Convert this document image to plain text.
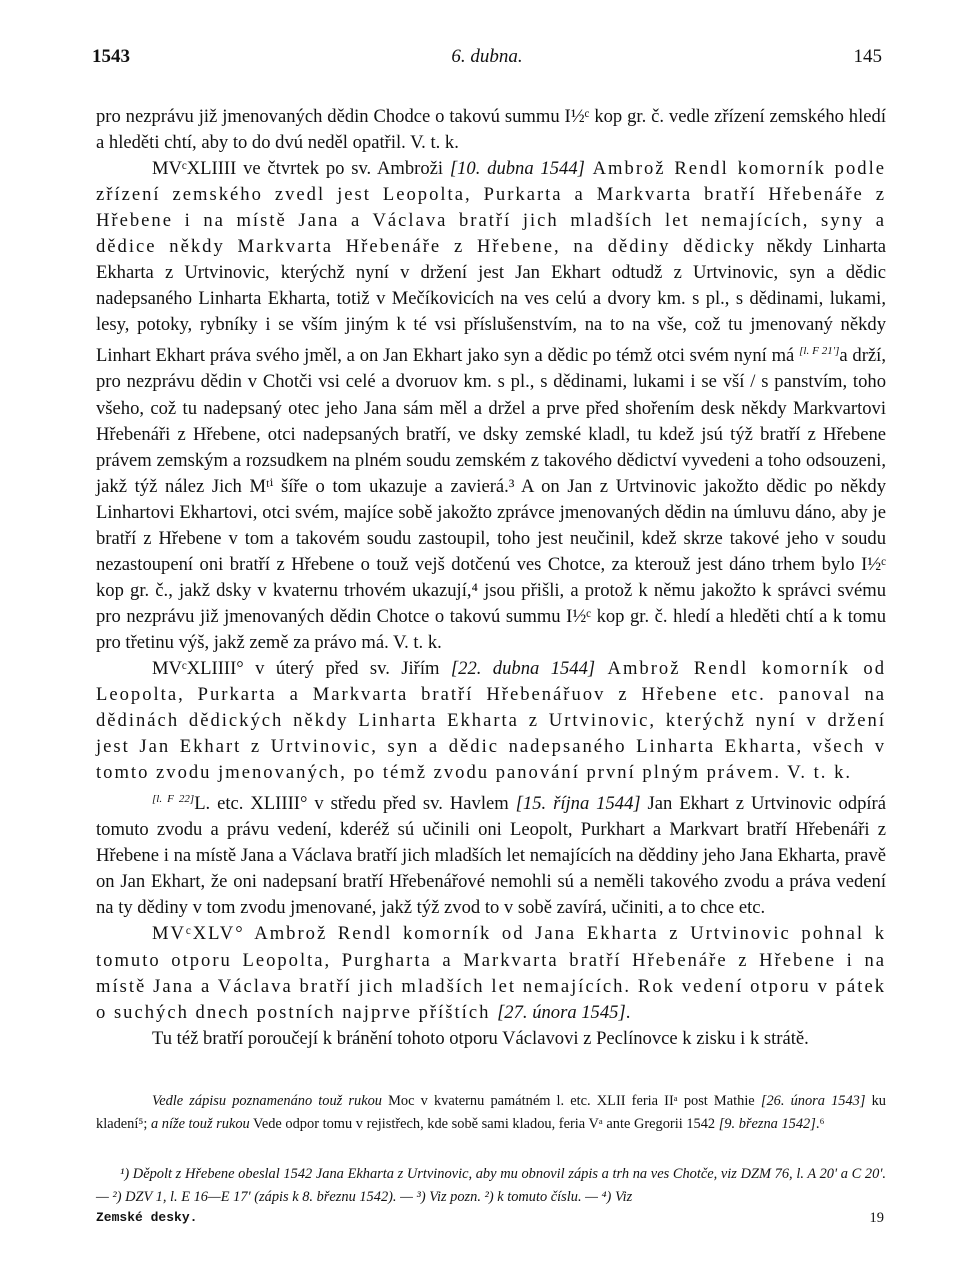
1543	6. dubna.	145

pro nezprávu již jmenovaných dědin Chodce o takovú summu I½ᶜ kop gr. č. vedle zřízení zemského hledí a hleděti chtí, aby to do dvú neděl opatřil. V. t. k.

MVᶜXLIIII ve čtvrtek po sv. Ambroži [10. dubna 1544] Ambrož Rendl komorník podle zřízení zemského zvedl jest Leopolta, Purkarta a Markvarta bratří Hřebenáře z Hřebene i na místě Jana a Václava bratří jich mladších let nemajících, syny a dědice někdy Markvarta Hřebenáře z Hřebene, na dědiny dědicky někdy Linharta Ekharta z Urtvinovic, kterýchž nyní v držení jest Jan Ekhart odtudž z Urtvinovic, syn a dědic nadepsaného Linharta Ekharta, totiž v Mečíkovicích na ves celú a dvory km. s pl., s dědinami, lukami, lesy, potoky, rybníky i se vším jiným k té vsi příslušenstvím, na to na vše, což tu jmenovaný někdy Linhart Ekhart práva svého jměl, a on Jan Ekhart jako syn a dědic po témž otci svém nyní má [l. F 21']a drží, pro nezprávu dědin v Chotči vsi celé a dvoruov km. s pl., s dědinami, lukami i se vší / s panstvím, toho všeho, což tu nadepsaný otec jeho Jana sám měl a držel a prve před shořením desk někdy Markvartovi Hřebenáři z Hřebene, otci nadepsaných bratří, ve dsky zemské kladl, tu kdež jsú týž bratří z Hřebene právem zemským a rozsudkem na plném soudu zemském z takového dědictví vyvedeni a toho odsouzeni, jakž týž nález Jich Mᵗⁱ šíře o tom ukazuje a zavierá.³ A on Jan z Urtvinovic jakožto dědic po někdy Linhartovi Ekhartovi, otci svém, majíce sobě jakožto zprávce jmenovaných dědin na úmluvu dáno, aby je bratří z Hřebene v tom a takovém soudu zastoupil, toho jest neučinil, kdež skrze takové jeho v soudu nezastoupení oni bratří z Hřebene o touž vejš dotčenú ves Chotce, za kterouž jest dáno trhem bylo I½ᶜ kop gr. č., jakž dsky v kvaternu trhovém ukazují,⁴ jsou přišli, a protož k němu jakožto k správci svému pro nezprávu již jmenovaných dědin Chotce o takovú summu I½ᶜ kop gr. č. hledí a hleděti chtí a k tomu pro třetinu výš, jakž země za právo má. V. t. k.

MVᶜXLIIII° v úterý před sv. Jiřím [22. dubna 1544] Ambrož Rendl komorník od Leopolta, Purkarta a Markvarta bratří Hřebenářuov z Hřebene etc. panoval na dědinách dědických někdy Linharta Ekharta z Urtvinovic, kterýchž nyní v držení jest Jan Ekhart z Urtvinovic, syn a dědic nadepsaného Linharta Ekharta, všech v tomto zvodu jmenovaných, po témž zvodu panování první plným právem. V. t. k.

[l. F 22]L. etc. XLIIII° v středu před sv. Havlem [15. října 1544] Jan Ekhart z Urtvinovic odpírá tomuto zvodu a právu vedení, kderéž sú učinili oni Leopolt, Purkhart a Markvart bratří Hřebenáři z Hřebene i na místě Jana a Václava bratří jich mladších let nemajících na děddiny jeho Jana Ekharta, pravě on Jan Ekhart, že oni nadepsaní bratří Hřebenářové nemohli sú a neměli takového zvodu a práva vedení na ty dědiny v tom zvodu jmenované, jakž týž zvod to v sobě zavírá, učiniti, a to chce etc.

MVᶜXLV° Ambrož Rendl komorník od Jana Ekharta z Urtvinovic pohnal k tomuto otporu Leopolta, Purgharta a Markvarta bratří Hřebenáře z Hřebene i na místě Jana a Václava bratří jich mladších let nemajících. Rok vedení otporu v pátek o suchých dnech postních najprve příštích [27. února 1545].

Tu též bratří poroučejí k bránění tohoto otporu Václavovi z Peclínovce k zisku i k strátě.

Vedle zápisu poznamenáno touž rukou Moc v kvaternu památném l. etc. XLII feria IIᵃ post Mathie [26. února 1543] ku kladení⁵; a níže touž rukou Vede odpor tomu v rejistřech, kde sobě sami kladou, feria Vᵃ ante Gregorii 1542 [9. března 1542].⁶

¹) Děpolt z Hřebene obeslal 1542 Jana Ekharta z Urtvinovic, aby mu obnovil zápis a trh na ves Chotče, viz DZM 76, l. A 20' a C 20'. — ²) DZV 1, l. E 16—E 17' (zápis k 8. březnu 1542). — ³) Viz pozn. ²) k tomuto číslu. — ⁴) Viz

Zemské desky.	19
